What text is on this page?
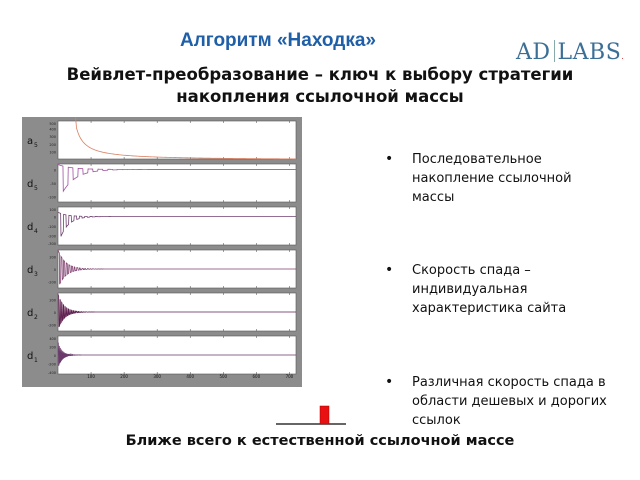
Алгоритм «Находка»	AD LABS.
Вейвлет-преобразование – ключ к выбору стратегии
накопления ссылочной массы
a 5
500
400
300
200
100
d 5
0
-50
-100
d 4
100
0
-100
-200
-300
d 3
200
0
-200
d 2
200
0
-200
d 1
400
200
0
-200
-400
100	200	300	400	500	600	700
• Последовательное накопление ссылочной массы
• Скорость спада – индивидуальная характеристика сайта
• Различная скорость спада в области дешевых и дорогих ссылок
Ближе всего к естественной ссылочной массе
